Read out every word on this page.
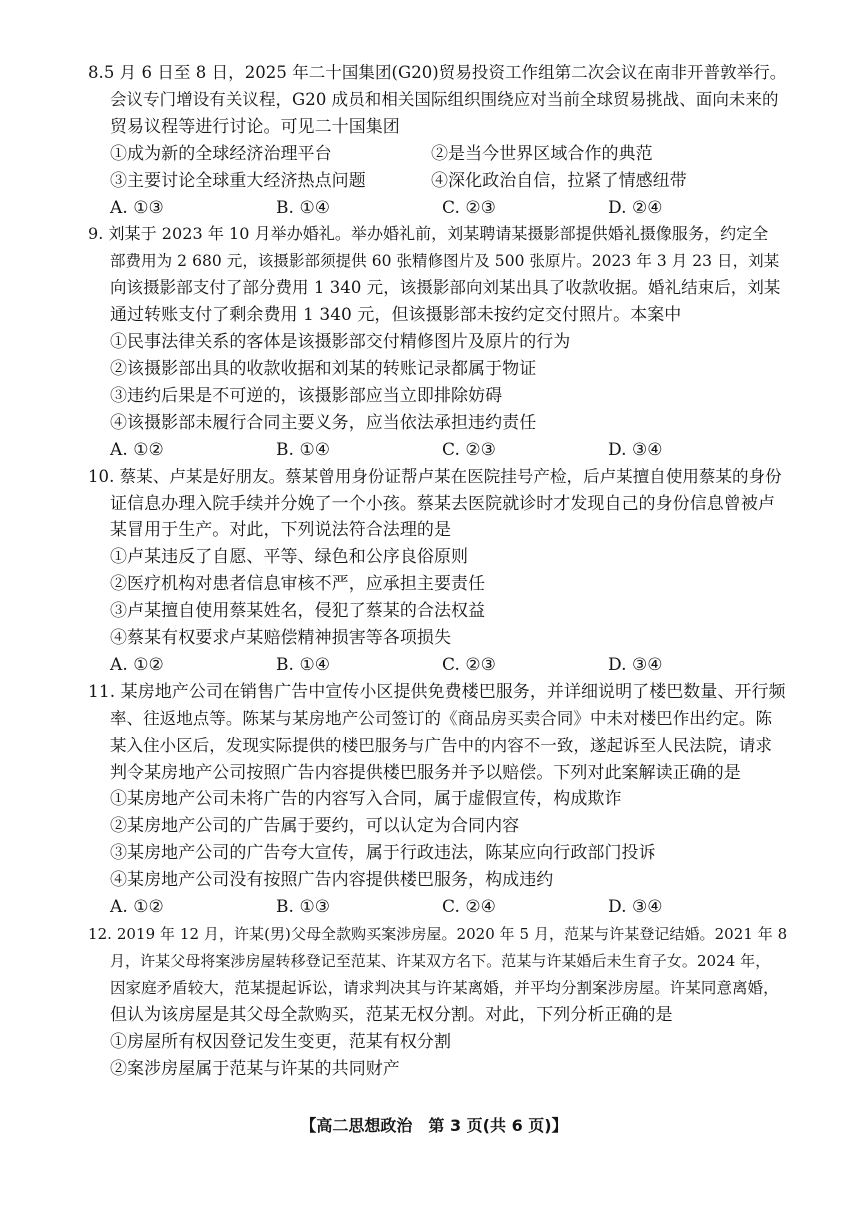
8.5 月 6 日至 8 日，2025 年二十国集团(G20)贸易投资工作组第二次会议在南非开普敦举行。
会议专门增设有关议程，G20 成员和相关国际组织围绕应对当前全球贸易挑战、面向未来的
贸易议程等进行讨论。可见二十国集团
①成为新的全球经济治理平台	②是当今世界区域合作的典范
③主要讨论全球重大经济热点问题	④深化政治自信，拉紧了情感纽带
A. ①③	B. ①④	C. ②③	D. ②④
9. 刘某于 2023 年 10 月举办婚礼。举办婚礼前，刘某聘请某摄影部提供婚礼摄像服务，约定全
部费用为 2 680 元，该摄影部须提供 60 张精修图片及 500 张原片。2023 年 3 月 23 日，刘某
向该摄影部支付了部分费用 1 340 元，该摄影部向刘某出具了收款收据。婚礼结束后，刘某
通过转账支付了剩余费用 1 340 元，但该摄影部未按约定交付照片。本案中
①民事法律关系的客体是该摄影部交付精修图片及原片的行为
②该摄影部出具的收款收据和刘某的转账记录都属于物证
③违约后果是不可逆的，该摄影部应当立即排除妨碍
④该摄影部未履行合同主要义务，应当依法承担违约责任
A. ①②	B. ①④	C. ②③	D. ③④
10. 蔡某、卢某是好朋友。蔡某曾用身份证帮卢某在医院挂号产检，后卢某擅自使用蔡某的身份
证信息办理入院手续并分娩了一个小孩。蔡某去医院就诊时才发现自己的身份信息曾被卢
某冒用于生产。对此，下列说法符合法理的是
①卢某违反了自愿、平等、绿色和公序良俗原则
②医疗机构对患者信息审核不严，应承担主要责任
③卢某擅自使用蔡某姓名，侵犯了蔡某的合法权益
④蔡某有权要求卢某赔偿精神损害等各项损失
A. ①②	B. ①④	C. ②③	D. ③④
11. 某房地产公司在销售广告中宣传小区提供免费楼巴服务，并详细说明了楼巴数量、开行频
率、往返地点等。陈某与某房地产公司签订的《商品房买卖合同》中未对楼巴作出约定。陈
某入住小区后，发现实际提供的楼巴服务与广告中的内容不一致，遂起诉至人民法院，请求
判令某房地产公司按照广告内容提供楼巴服务并予以赔偿。下列对此案解读正确的是
①某房地产公司未将广告的内容写入合同，属于虚假宣传，构成欺诈
②某房地产公司的广告属于要约，可以认定为合同内容
③某房地产公司的广告夸大宣传，属于行政违法，陈某应向行政部门投诉
④某房地产公司没有按照广告内容提供楼巴服务，构成违约
A. ①②	B. ①③	C. ②④	D. ③④
12. 2019 年 12 月，许某(男)父母全款购买案涉房屋。2020 年 5 月，范某与许某登记结婚。2021 年 8
月，许某父母将案涉房屋转移登记至范某、许某双方名下。范某与许某婚后未生育子女。2024 年，
因家庭矛盾较大，范某提起诉讼，请求判决其与许某离婚，并平均分割案涉房屋。许某同意离婚，
但认为该房屋是其父母全款购买，范某无权分割。对此，下列分析正确的是
①房屋所有权因登记发生变更，范某有权分割
②案涉房屋属于范某与许某的共同财产
【高二思想政治　第 3 页(共 6 页)】
